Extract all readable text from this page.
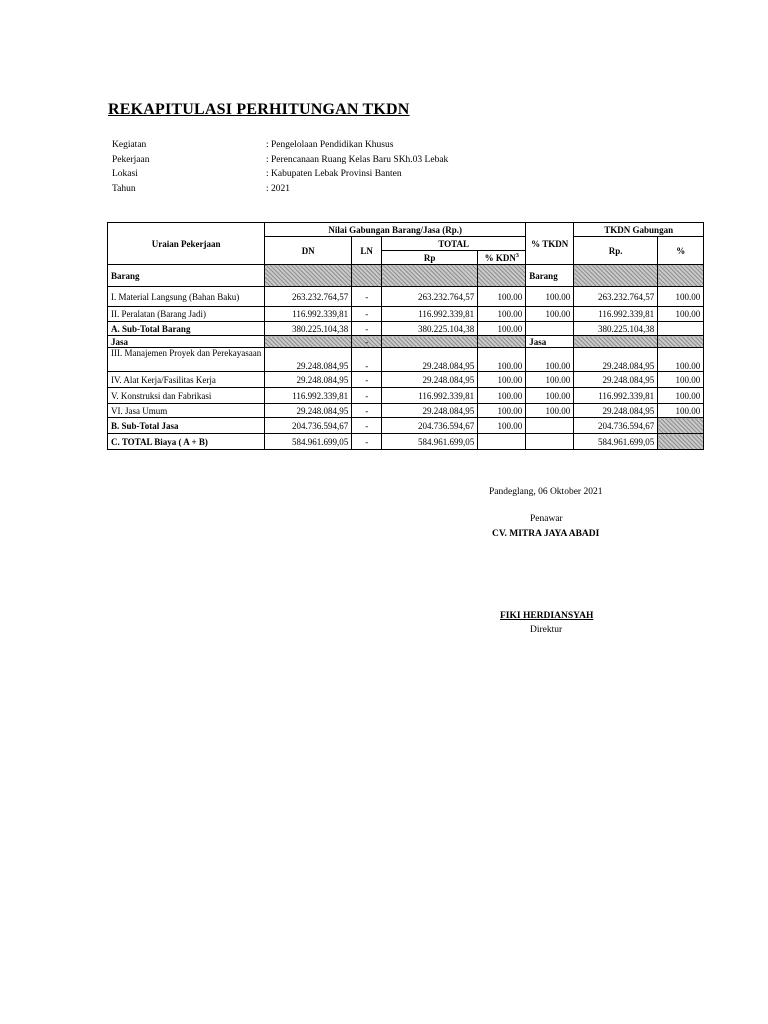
REKAPITULASI PERHITUNGAN TKDN
Kegiatan	: Pengelolaan Pendidikan Khusus
Pekerjaan	: Perencanaan Ruang Kelas Baru SKh.03 Lebak
Lokasi	: Kabupaten Lebak Provinsi Banten
Tahun	: 2021
Uraian Pekerjaan	Nilai Gabungan Barang/Jasa (Rp.)				% TKDN	TKDN Gabungan	
	DN	LN	TOTAL			Rp.	%
			Rp	% KDN$^3$
Barang					Barang		
I. Material Langsung (Bahan Baku)	263.232.764,57	-	263.232.764,57	100.00	100.00	263.232.764,57	100.00
II. Peralatan (Barang Jadi)	116.992.339,81	-	116.992.339,81	100.00	100.00	116.992.339,81	100.00
A. Sub-Total Barang	380.225.104,38	-	380.225.104,38	100.00		380.225.104,38	
Jasa		-			Jasa		
III. Manajemen Proyek dan Perekayasaan	29.248.084,95	-	29.248.084,95	100.00	100.00	29.248.084,95	100.00
IV. Alat Kerja/Fasilitas Kerja	29.248.084,95	-	29.248.084,95	100.00	100.00	29.248.084,95	100.00
V. Konstruksi dan Fabrikasi	116.992.339,81	-	116.992.339,81	100.00	100.00	116.992.339,81	100.00
VI. Jasa Umum	29.248.084,95	-	29.248.084,95	100.00	100.00	29.248.084,95	100.00
B. Sub-Total Jasa	204.736.594,67	-	204.736.594,67	100.00		204.736.594,67	
C. TOTAL Biaya ( A + B)	584.961.699,05	-	584.961.699,05			584.961.699,05	
Pandeglang, 06 Oktober 2021
Penawar
CV. MITRA JAYA ABADI
FIKI HERDIANSYAH
Direktur
